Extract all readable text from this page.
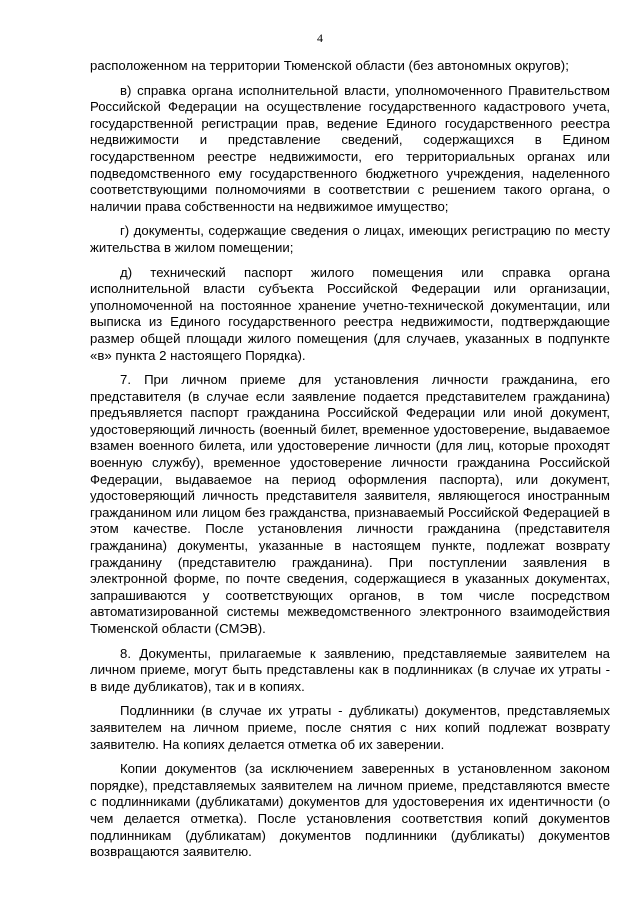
4

расположенном на территории Тюменской области (без автономных округов);

в) справка органа исполнительной власти, уполномоченного Правительством Российской Федерации на осуществление государственного кадастрового учета, государственной регистрации прав, ведение Единого государственного реестра недвижимости и представление сведений, содержащихся в Едином государственном реестре недвижимости, его территориальных органах или подведомственного ему государственного бюджетного учреждения, наделенного соответствующими полномочиями в соответствии с решением такого органа, о наличии права собственности на недвижимое имущество;

г) документы, содержащие сведения о лицах, имеющих регистрацию по месту жительства в жилом помещении;

д) технический паспорт жилого помещения или справка органа исполнительной власти субъекта Российской Федерации или организации, уполномоченной на постоянное хранение учетно-технической документации, или выписка из Единого государственного реестра недвижимости, подтверждающие размер общей площади жилого помещения (для случаев, указанных в подпункте «в» пункта 2 настоящего Порядка).

7. При личном приеме для установления личности гражданина, его представителя (в случае если заявление подается представителем гражданина) предъявляется паспорт гражданина Российской Федерации или иной документ, удостоверяющий личность (военный билет, временное удостоверение, выдаваемое взамен военного билета, или удостоверение личности (для лиц, которые проходят военную службу), временное удостоверение личности гражданина Российской Федерации, выдаваемое на период оформления паспорта), или документ, удостоверяющий личность представителя заявителя, являющегося иностранным гражданином или лицом без гражданства, признаваемый Российской Федерацией в этом качестве. После установления личности гражданина (представителя гражданина) документы, указанные в настоящем пункте, подлежат возврату гражданину (представителю гражданина). При поступлении заявления в электронной форме, по почте сведения, содержащиеся в указанных документах, запрашиваются у соответствующих органов, в том числе посредством автоматизированной системы межведомственного электронного взаимодействия Тюменской области (СМЭВ).

8. Документы, прилагаемые к заявлению, представляемые заявителем на личном приеме, могут быть представлены как в подлинниках (в случае их утраты - в виде дубликатов), так и в копиях.

Подлинники (в случае их утраты - дубликаты) документов, представляемых заявителем на личном приеме, после снятия с них копий подлежат возврату заявителю. На копиях делается отметка об их заверении.

Копии документов (за исключением заверенных в установленном законом порядке), представляемых заявителем на личном приеме, представляются вместе с подлинниками (дубликатами) документов для удостоверения их идентичности (о чем делается отметка). После установления соответствия копий документов подлинникам (дубликатам) документов подлинники (дубликаты) документов возвращаются заявителю.
